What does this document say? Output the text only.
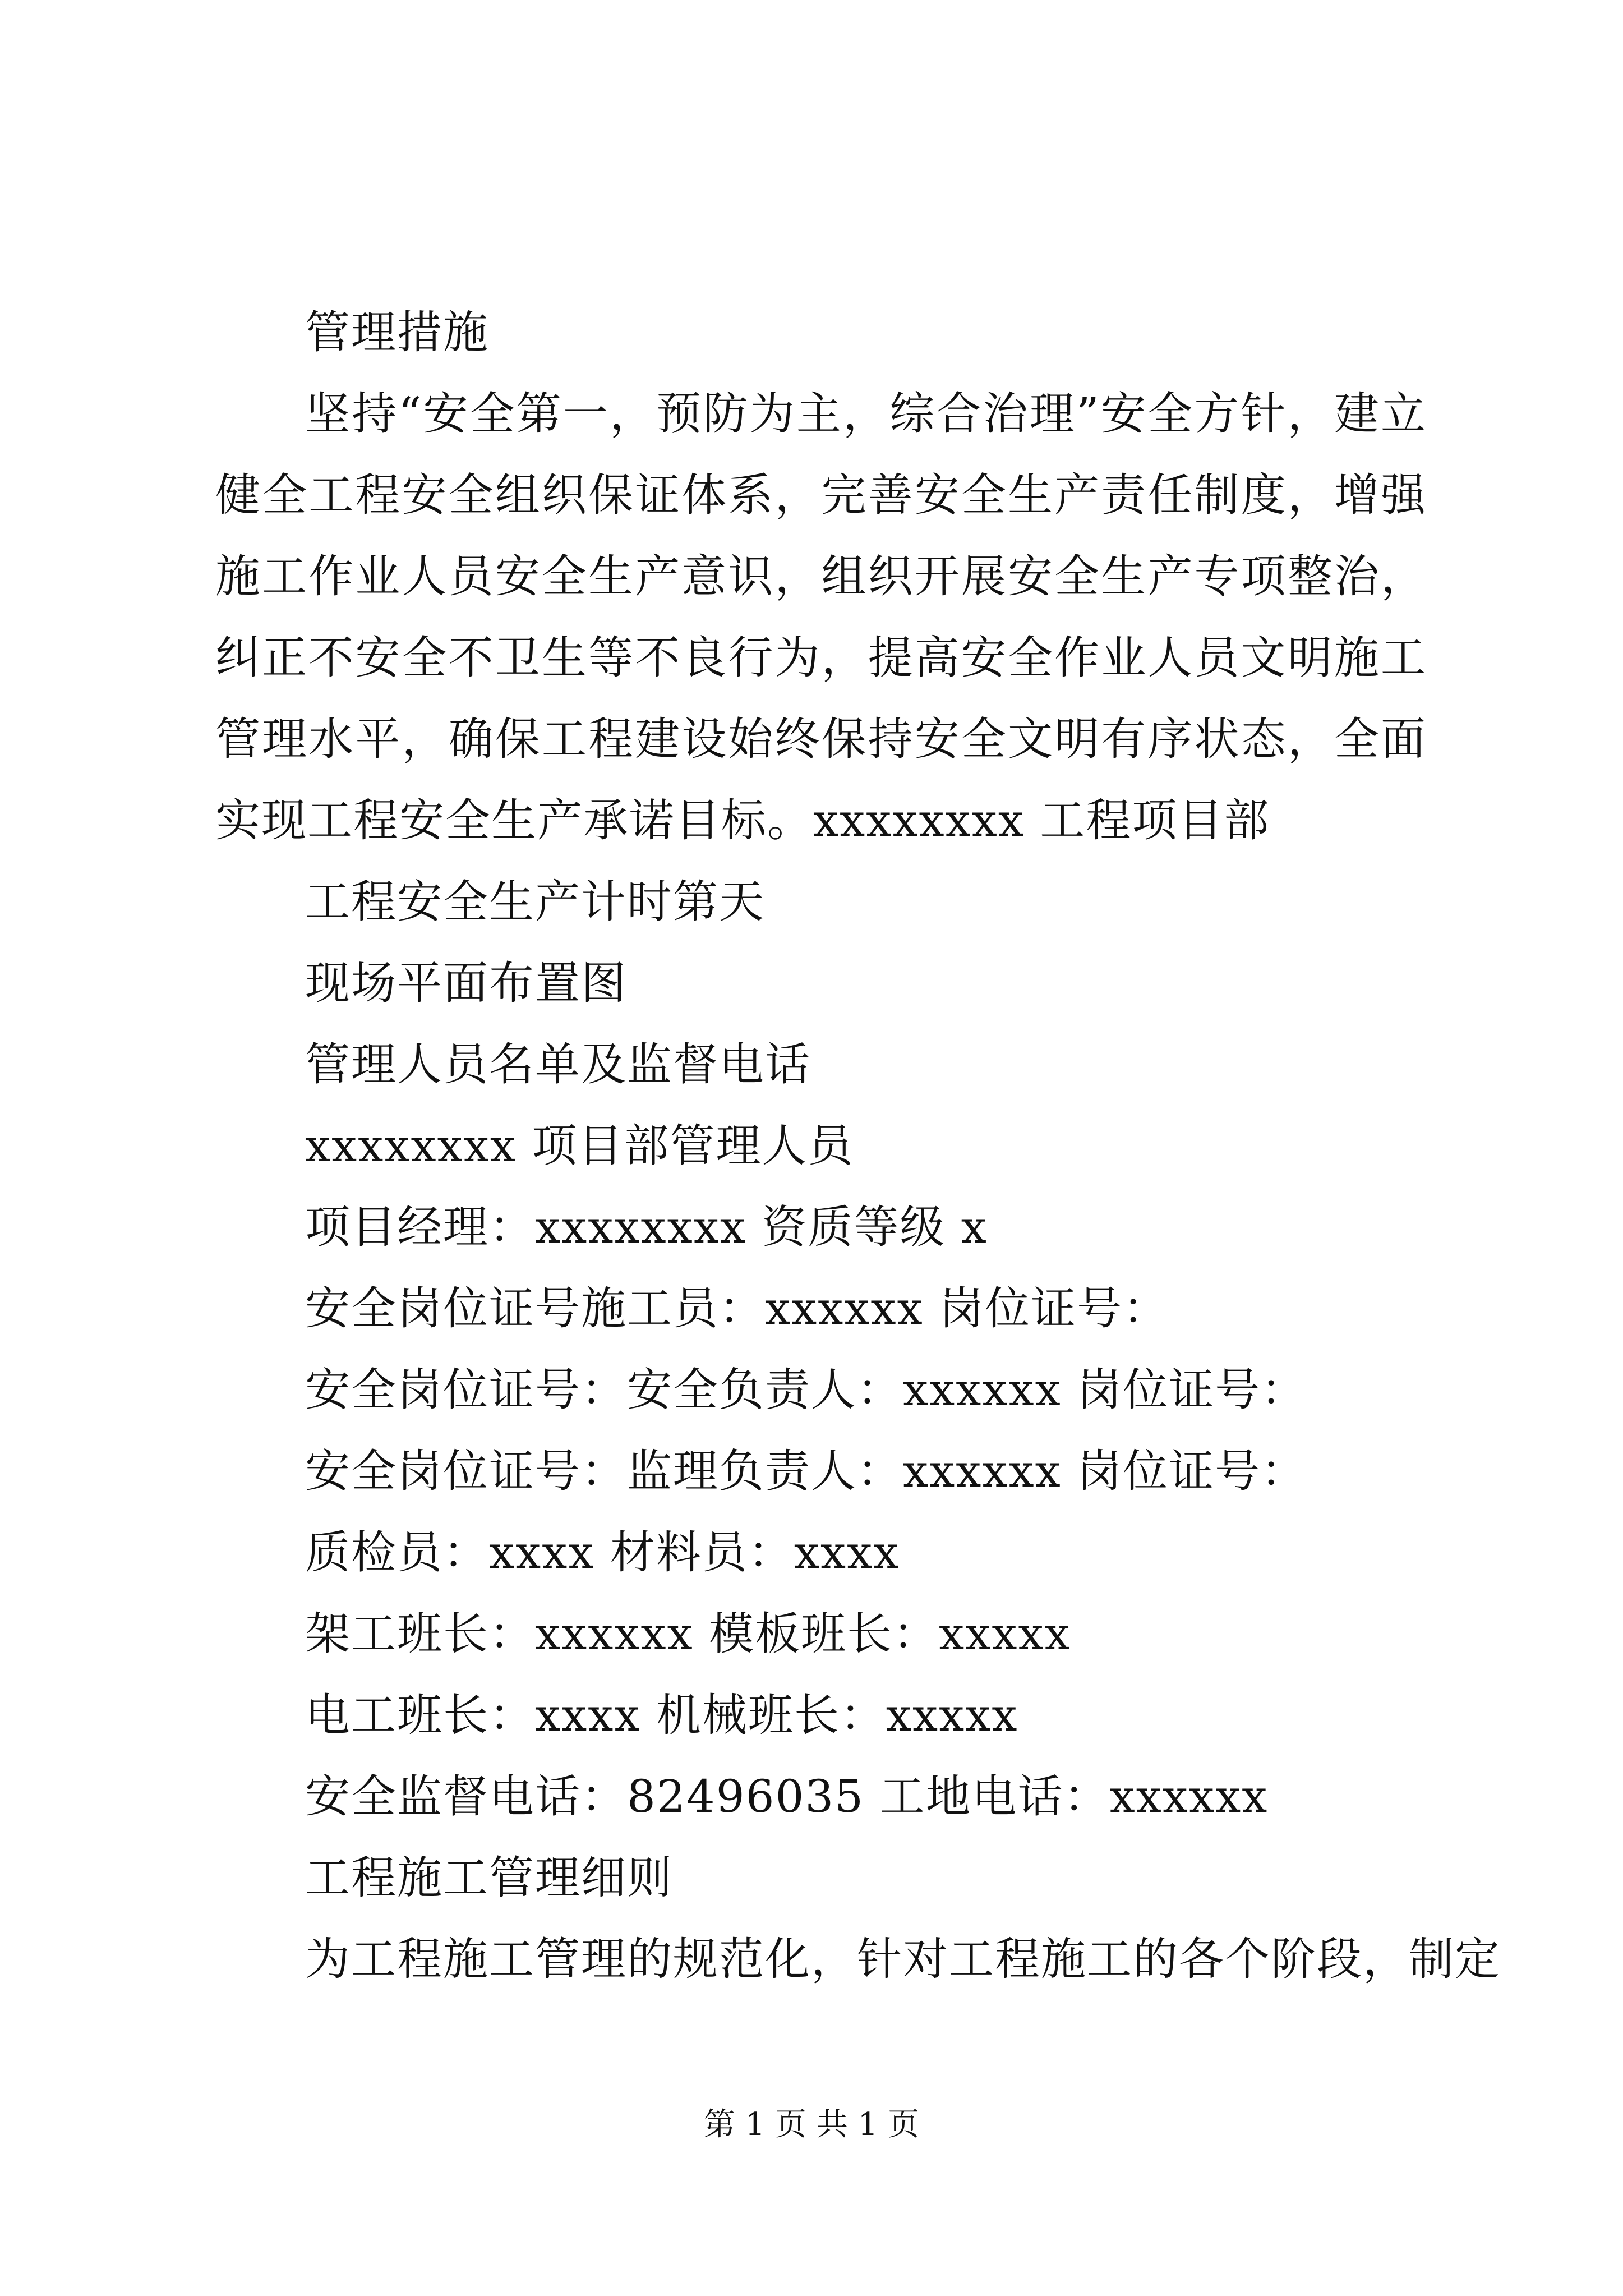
管理措施

坚持“安全第一，预防为主，综合治理”安全方针，建立健全工程安全组织保证体系，完善安全生产责任制度，增强施工作业人员安全生产意识，组织开展安全生产专项整治，纠正不安全不卫生等不良行为，提高安全作业人员文明施工管理水平，确保工程建设始终保持安全文明有序状态，全面实现工程安全生产承诺目标。xxxxxxxx 工程项目部

工程安全生产计时第天
现场平面布置图
管理人员名单及监督电话
xxxxxxxx 项目部管理人员
项目经理：xxxxxxxx 资质等级 x
安全岗位证号施工员：xxxxxx 岗位证号：
安全岗位证号：安全负责人：xxxxxx 岗位证号：
安全岗位证号：监理负责人：xxxxxx 岗位证号：
质检员：xxxx 材料员：xxxx
架工班长：xxxxxx 模板班长：xxxxx
电工班长：xxxx 机械班长：xxxxx
安全监督电话：82496035 工地电话：xxxxxx
工程施工管理细则
为工程施工管理的规范化，针对工程施工的各个阶段，制定
第 1 页 共 1 页
